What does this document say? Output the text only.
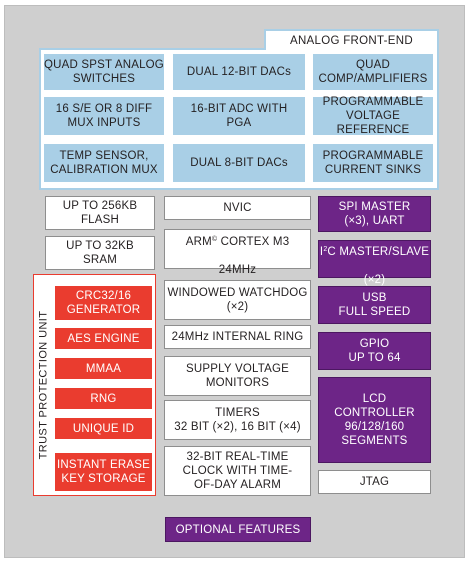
ANALOG FRONT-END
QUAD SPST ANALOG
SWITCHES
DUAL 12-BIT DACs
QUAD
COMP/AMPLIFIERS
16 S/E OR 8 DIFF
MUX INPUTS
16-BIT ADC WITH
PGA
PROGRAMMABLE
VOLTAGE REFERENCE
TEMP SENSOR,
CALIBRATION MUX
DUAL 8-BIT DACs
PROGRAMMABLE
CURRENT SINKS
UP TO 256KB
FLASH
UP TO 32KB
SRAM
TRUST PROTECTION UNIT
CRC32/16
GENERATOR
AES ENGINE
MMAA
RNG
UNIQUE ID
INSTANT ERASE
KEY STORAGE
NVIC

ARM© CORTEX M3

24MHz

WINDOWED WATCHDOG
(×2)
24MHz INTERNAL RING
SUPPLY VOLTAGE
MONITORS
TIMERS
32 BIT (×2), 16 BIT (×4)
32-BIT REAL-TIME
CLOCK WITH TIME-
OF-DAY ALARM
SPI MASTER
(×3), UART

$I^2C$ MASTER/SLAVE

(×2)

USB
FULL SPEED
GPIO
UP TO 64
LCD
CONTROLLER
96/128/160
SEGMENTS
JTAG
OPTIONAL FEATURES
